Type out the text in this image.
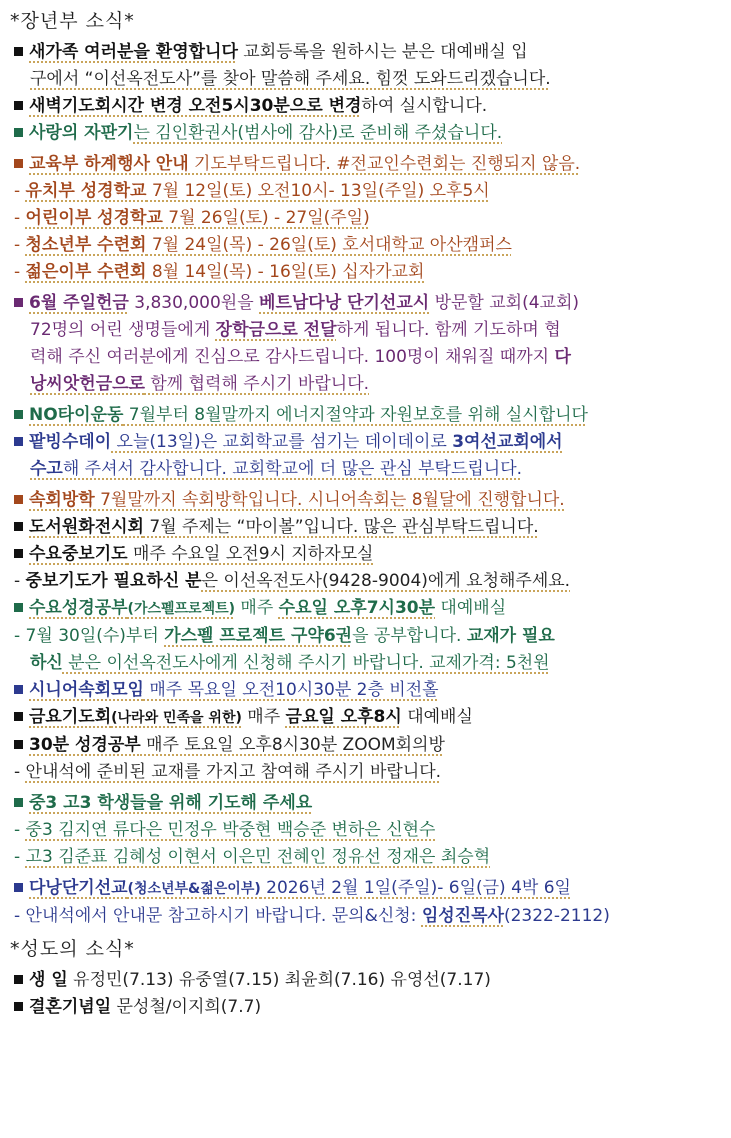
*장년부 소식*
새가족 여러분을 환영합니다 교회등록을 원하시는 분은 대예배실 입
구에서 “이선옥전도사”를 찾아 말씀해 주세요. 힘껏 도와드리겠습니다.
새벽기도회시간 변경 오전5시30분으로 변경하여 실시합니다.
사랑의 자판기는 김인환권사(범사에 감사)로 준비해 주셨습니다.
교육부 하계행사 안내 기도부탁드립니다. #전교인수련회는 진행되지 않음.
- 유치부 성경학교 7월 12일(토) 오전10시- 13일(주일) 오후5시
- 어린이부 성경학교 7월 26일(토) - 27일(주일)
- 청소년부 수련회 7월 24일(목) - 26일(토) 호서대학교 아산캠퍼스
- 젊은이부 수련회 8월 14일(목) - 16일(토) 십자가교회
6월 주일헌금 3,830,000원을 베트남다낭 단기선교시 방문할 교회(4교회)
72명의 어린 생명들에게 장학금으로 전달하게 됩니다. 함께 기도하며 협
력해 주신 여러분에게 진심으로 감사드립니다. 100명이 채워질 때까지 다
낭씨앗헌금으로 함께 협력해 주시기 바랍니다.
NO타이운동 7월부터 8월말까지 에너지절약과 자원보호를 위해 실시합니다
팥빙수데이 오늘(13일)은 교회학교를 섬기는 데이데이로 3여선교회에서
수고해 주셔서 감사합니다. 교회학교에 더 많은 관심 부탁드립니다.
속회방학 7월말까지 속회방학입니다. 시니어속회는 8월달에 진행합니다.
도서원화전시회 7월 주제는 “마이볼”입니다. 많은 관심부탁드립니다.
수요중보기도 매주 수요일 오전9시 지하자모실
- 중보기도가 필요하신 분은 이선옥전도사(9428-9004)에게 요청해주세요.
수요성경공부(가스펠프로젝트) 매주 수요일 오후7시30분 대예배실
- 7월 30일(수)부터 가스펠 프로젝트 구약6권을 공부합니다. 교재가 필요
하신 분은 이선옥전도사에게 신청해 주시기 바랍니다. 교제가격: 5천원
시니어속회모임 매주 목요일 오전10시30분 2층 비전홀
금요기도회(나라와 민족을 위한) 매주 금요일 오후8시 대예배실
30분 성경공부 매주 토요일 오후8시30분 ZOOM회의방
- 안내석에 준비된 교재를 가지고 참여해 주시기 바랍니다.
중3 고3 학생들을 위해 기도해 주세요
- 중3 김지연 류다은 민정우 박중현 백승준 변하은 신현수
- 고3 김준표 김혜성 이현서 이은민 전혜인 정유선 정재은 최승혁
다낭단기선교(청소년부&젊은이부) 2026년 2월 1일(주일)- 6일(금) 4박 6일
- 안내석에서 안내문 참고하시기 바랍니다. 문의&신청: 임성진목사(2322-2112)
*성도의 소식*
생 일 유정민(7.13) 유중열(7.15) 최윤희(7.16) 유영선(7.17)
결혼기념일 문성철/이지희(7.7)
